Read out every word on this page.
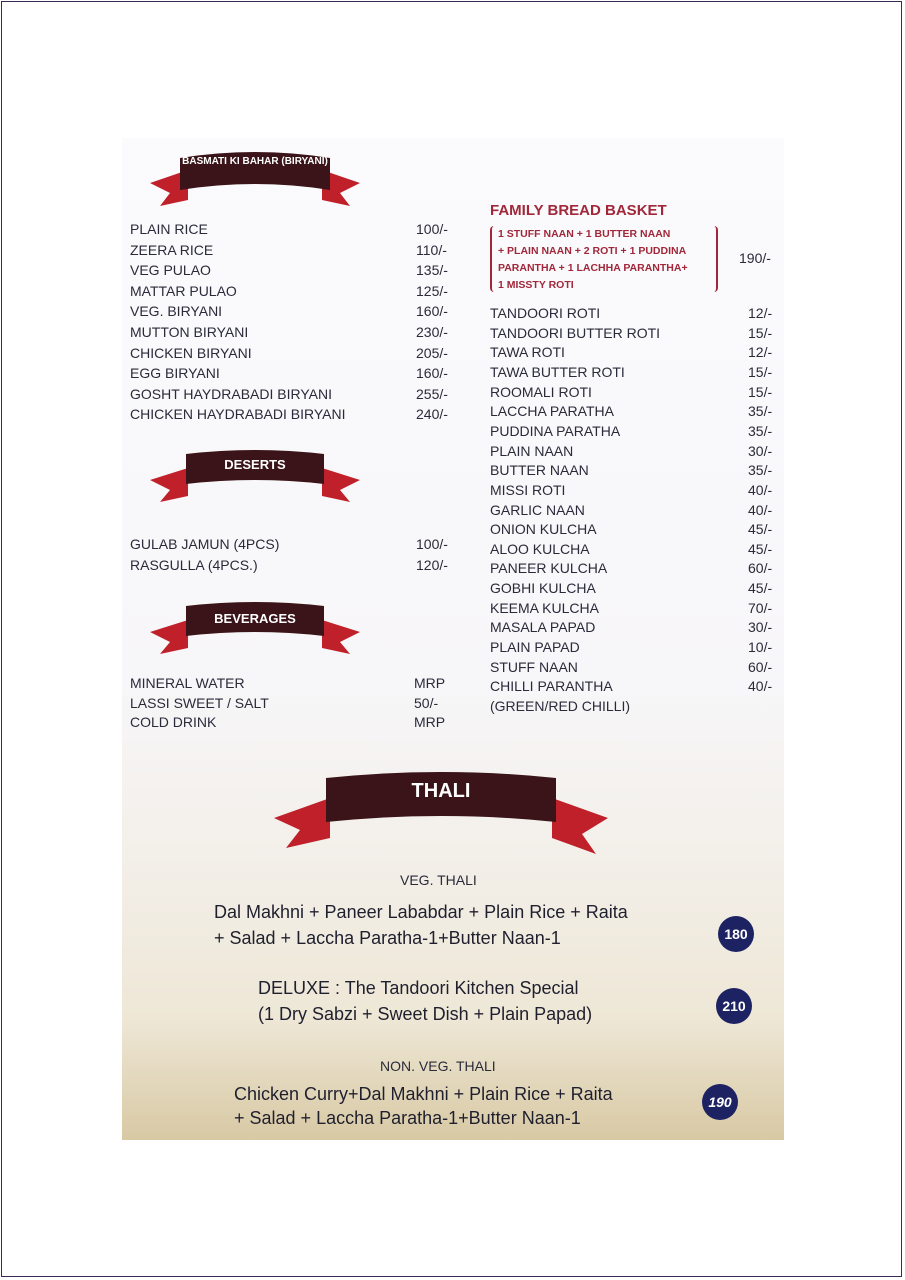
BASMATI KI BAHAR (BIRYANI)
PLAIN RICE	100/-
ZEERA RICE	110/-
VEG PULAO	135/-
MATTAR PULAO	125/-
VEG. BIRYANI	160/-
MUTTON BIRYANI	230/-
CHICKEN BIRYANI	205/-
EGG BIRYANI	160/-
GOSHT HAYDRABADI BIRYANI	255/-
CHICKEN HAYDRABADI BIRYANI	240/-
DESERTS
GULAB JAMUN (4PCS)	100/-
RASGULLA (4PCS.)	120/-
BEVERAGES
MINERAL WATER	MRP
LASSI SWEET / SALT	50/-
COLD DRINK	MRP
FAMILY BREAD BASKET
1 STUFF NAAN + 1 BUTTER NAAN
+ PLAIN NAAN + 2 ROTI + 1 PUDDINA
PARANTHA + 1 LACHHA PARANTHA+
1 MISSTY ROTI
190/-
TANDOORI ROTI	12/-
TANDOORI BUTTER ROTI	15/-
TAWA ROTI	12/-
TAWA BUTTER ROTI	15/-
ROOMALI ROTI	15/-
LACCHA PARATHA	35/-
PUDDINA PARATHA	35/-
PLAIN NAAN	30/-
BUTTER NAAN	35/-
MISSI ROTI	40/-
GARLIC NAAN	40/-
ONION KULCHA	45/-
ALOO KULCHA	45/-
PANEER KULCHA	60/-
GOBHI KULCHA	45/-
KEEMA KULCHA	70/-
MASALA PAPAD	30/-
PLAIN PAPAD	10/-
STUFF NAAN	60/-
CHILLI PARANTHA	40/-
(GREEN/RED CHILLI)
THALI
VEG. THALI
Dal Makhni + Paneer Lababdar + Plain Rice + Raita
+ Salad + Laccha Paratha-1+Butter Naan-1	180
DELUXE : The Tandoori Kitchen Special
(1 Dry Sabzi + Sweet Dish + Plain Papad)	210
NON. VEG. THALI
Chicken Curry+Dal Makhni + Plain Rice + Raita
+ Salad + Laccha Paratha-1+Butter Naan-1
190
